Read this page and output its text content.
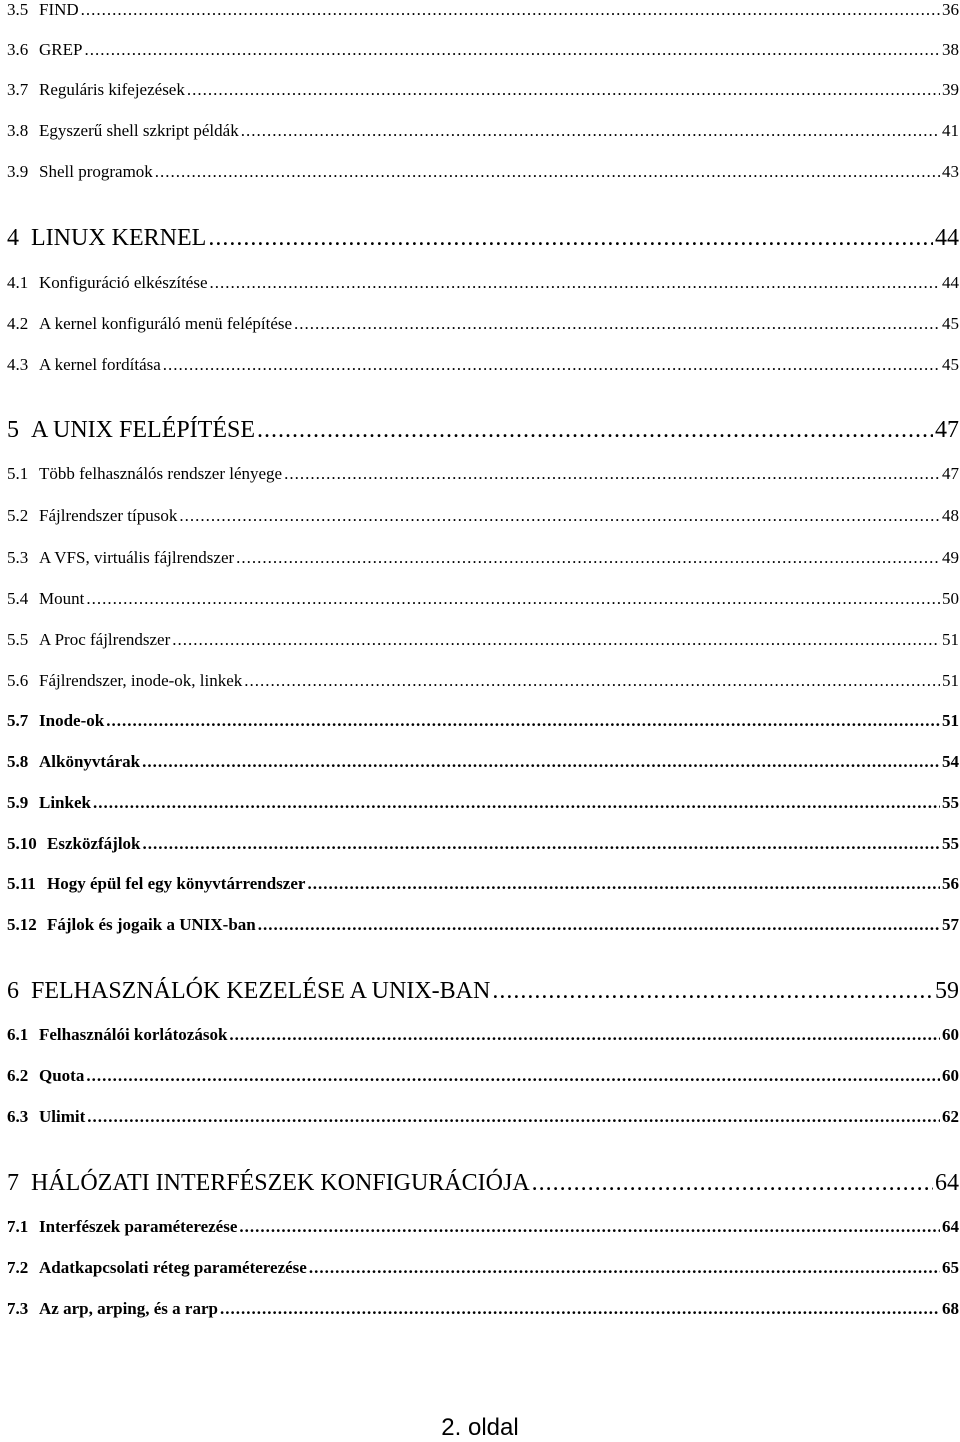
3.5 FIND .....	36
3.6 GREP .....	38
3.7 Reguláris kifejezések .....	39
3.8 Egyszerű shell szkript példák .....	41
3.9 Shell programok .....	43
4 LINUX KERNEL .....	44
4.1 Konfiguráció elkészítése .....	44
4.2 A kernel konfiguráló menü felépítése .....	45
4.3 A kernel fordítása .....	45
5 A UNIX FELÉPÍTÉSE .....	47
5.1 Több felhasználós rendszer lényege .....	47
5.2 Fájlrendszer típusok .....	48
5.3 A VFS, virtuális fájlrendszer .....	49
5.4 Mount .....	50
5.5 A Proc fájlrendszer .....	51
5.6 Fájlrendszer, inode-ok, linkek .....	51
5.7 Inode-ok .....	51
5.8 Alkönyvtárak .....	54
5.9 Linkek .....	55
5.10 Eszközfájlok .....	55
5.11 Hogy épül fel egy könyvtárrendszer .....	56
5.12 Fájlok és jogaik a UNIX-ban .....	57
6 FELHASZNÁLÓK KEZELÉSE A UNIX-BAN .....	59
6.1 Felhasználói korlátozások .....	60
6.2 Quota .....	60
6.3 Ulimit .....	62
7 HÁLÓZATI INTERFÉSZEK KONFIGURÁCIÓJA .....	64
7.1 Interfészek paraméterezése .....	64
7.2 Adatkapcsolati réteg paraméterezése .....	65
7.3 Az arp, arping, és a rarp .....	68
2. oldal
